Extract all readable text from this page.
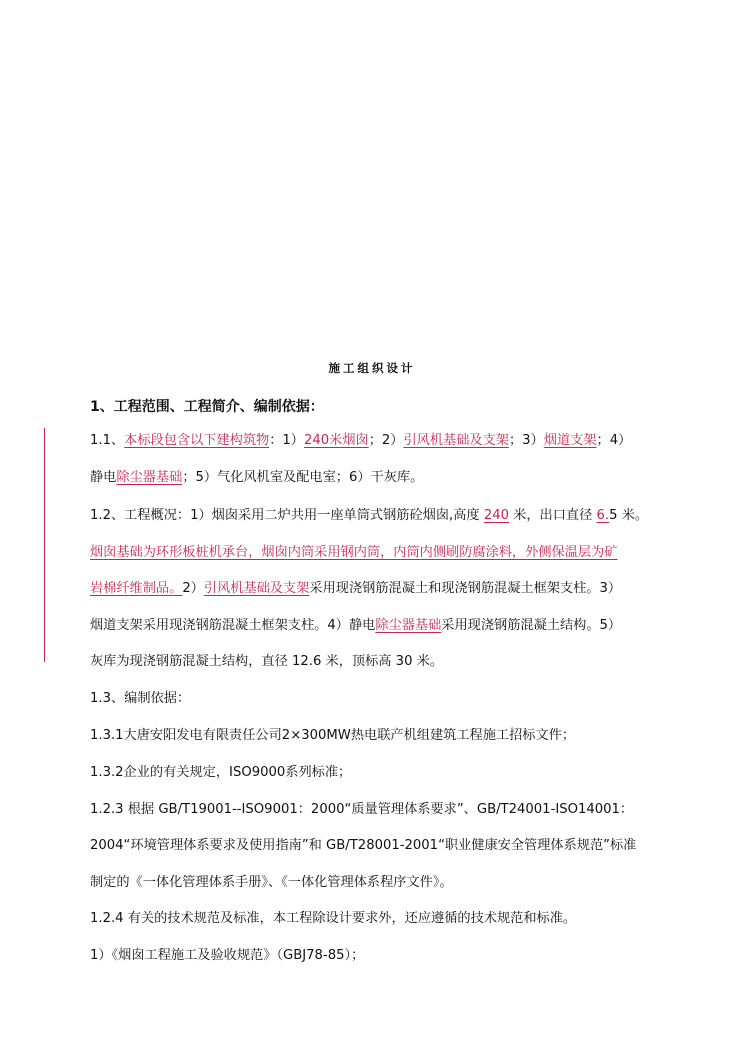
施工组织设计
1、工程范围、工程简介、编制依据：
1.1、本标段包含以下建构筑物：1）240米烟囱；2）引风机基础及支架；3）烟道支架；4）
静电除尘器基础；5）气化风机室及配电室；6）干灰库。
1.2、工程概况：1）烟囱采用二炉共用一座单筒式钢筋砼烟囱,高度 240 米，出口直径 6.5 米。
烟囱基础为环形板桩机承台，烟囱内筒采用钢内筒，内筒内侧刷防腐涂料，外侧保温层为矿
岩棉纤维制品。2）引风机基础及支架采用现浇钢筋混凝土和现浇钢筋混凝土框架支柱。3）
烟道支架采用现浇钢筋混凝土框架支柱。4）静电除尘器基础采用现浇钢筋混凝土结构。5）
灰库为现浇钢筋混凝土结构，直径 12.6 米，顶标高 30 米。
1.3、编制依据：
1.3.1大唐安阳发电有限责任公司2×300MW热电联产机组建筑工程施工招标文件；
1.3.2企业的有关规定，ISO9000系列标准；
1.2.3 根据 GB/T19001--ISO9001：2000“质量管理体系要求”、GB/T24001-ISO14001：
2004“环境管理体系要求及使用指南”和 GB/T28001-2001“职业健康安全管理体系规范”标准
制定的《一体化管理体系手册》、《一体化管理体系程序文件》。
1.2.4 有关的技术规范及标准，本工程除设计要求外，还应遵循的技术规范和标准。
1）《烟囱工程施工及验收规范》（GBJ78-85）；
